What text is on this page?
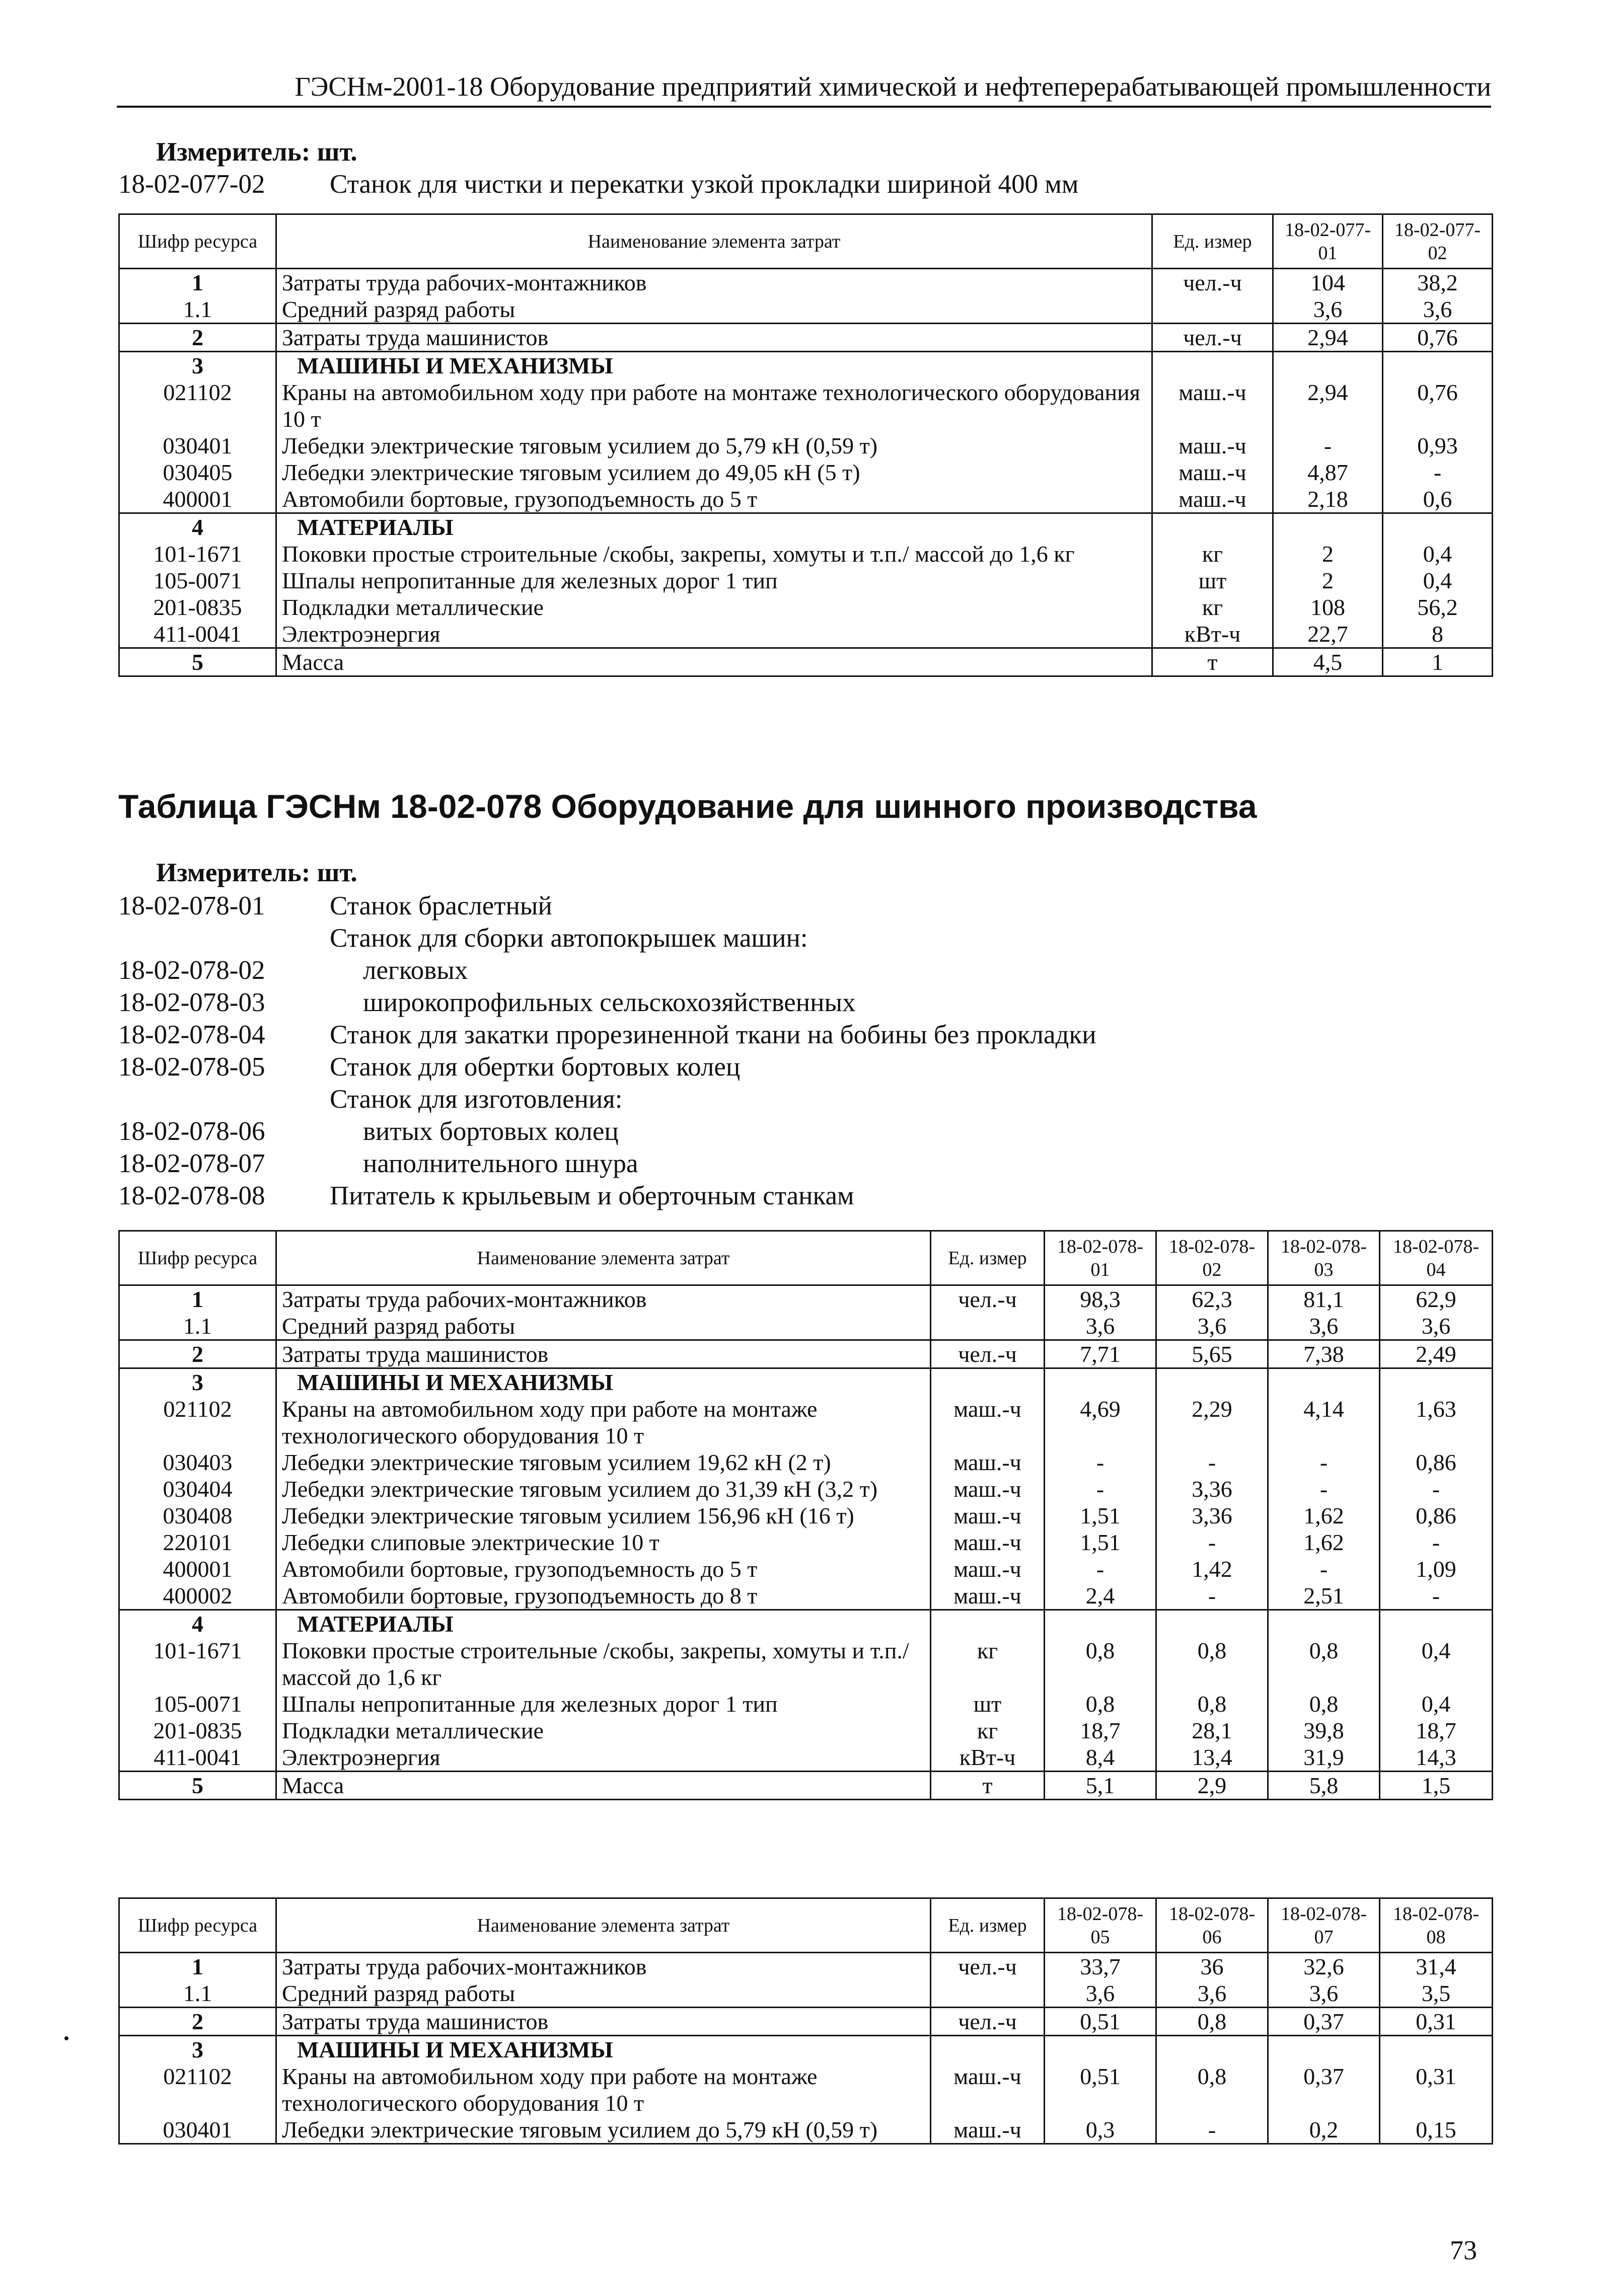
ГЭСНм-2001-18 Оборудование предприятий химической и нефтеперерабатывающей промышленности
Измеритель: шт.
18-02-077-02	Станок для чистки и перекатки узкой прокладки шириной 400 мм
Шифр ресурса	Наименование элемента затрат	Ед. измер	18-02-077-01	18-02-077-02
1	Затраты труда рабочих-монтажников	чел.-ч	104	38,2
1.1	Средний разряд работы		3,6	3,6
2	Затраты труда машинистов	чел.-ч	2,94	0,76
3	МАШИНЫ И МЕХАНИЗМЫ			
021102	Краны на автомобильном ходу при работе на монтаже технологического оборудования 10 т	маш.-ч	2,94	0,76
030401	Лебедки электрические тяговым усилием до 5,79 кН (0,59 т)	маш.-ч	-	0,93
030405	Лебедки электрические тяговым усилием до 49,05 кН (5 т)	маш.-ч	4,87	-
400001	Автомобили бортовые, грузоподъемность до 5 т	маш.-ч	2,18	0,6
4	МАТЕРИАЛЫ			
101-1671	Поковки простые строительные /скобы, закрепы, хомуты и т.п./ массой до 1,6 кг	кг	2	0,4
105-0071	Шпалы непропитанные для железных дорог 1 тип	шт	2	0,4
201-0835	Подкладки металлические	кг	108	56,2
411-0041	Электроэнергия	кВт-ч	22,7	8
5	Масса	т	4,5	1
Таблица ГЭСНм 18-02-078 Оборудование для шинного производства
Измеритель: шт.
18-02-078-01	Станок браслетный
Станок для сборки автопокрышек машин:
18-02-078-02	легковых
18-02-078-03	широкопрофильных сельскохозяйственных
18-02-078-04	Станок для закатки прорезиненной ткани на бобины без прокладки
18-02-078-05	Станок для обертки бортовых колец
Станок для изготовления:
18-02-078-06	витых бортовых колец
18-02-078-07	наполнительного шнура
18-02-078-08	Питатель к крыльевым и оберточным станкам
Шифр ресурса	Наименование элемента затрат	Ед. измер	18-02-078-01	18-02-078-02	18-02-078-03	18-02-078-04
1	Затраты труда рабочих-монтажников	чел.-ч	98,3	62,3	81,1	62,9
1.1	Средний разряд работы		3,6	3,6	3,6	3,6
2	Затраты труда машинистов	чел.-ч	7,71	5,65	7,38	2,49
3	МАШИНЫ И МЕХАНИЗМЫ					
021102	Краны на автомобильном ходу при работе на монтаже технологического оборудования 10 т	маш.-ч	4,69	2,29	4,14	1,63
030403	Лебедки электрические тяговым усилием 19,62 кН (2 т)	маш.-ч	-	-	-	0,86
030404	Лебедки электрические тяговым усилием до 31,39 кН (3,2 т)	маш.-ч	-	3,36	-	-
030408	Лебедки электрические тяговым усилием 156,96 кН (16 т)	маш.-ч	1,51	3,36	1,62	0,86
220101	Лебедки слиповые электрические 10 т	маш.-ч	1,51	-	1,62	-
400001	Автомобили бортовые, грузоподъемность до 5 т	маш.-ч	-	1,42	-	1,09
400002	Автомобили бортовые, грузоподъемность до 8 т	маш.-ч	2,4	-	2,51	-
4	МАТЕРИАЛЫ					
101-1671	Поковки простые строительные /скобы, закрепы, хомуты и т.п./ массой до 1,6 кг	кг	0,8	0,8	0,8	0,4
105-0071	Шпалы непропитанные для железных дорог 1 тип	шт	0,8	0,8	0,8	0,4
201-0835	Подкладки металлические	кг	18,7	28,1	39,8	18,7
411-0041	Электроэнергия	кВт-ч	8,4	13,4	31,9	14,3
5	Масса	т	5,1	2,9	5,8	1,5
Шифр ресурса	Наименование элемента затрат	Ед. измер	18-02-078-05	18-02-078-06	18-02-078-07	18-02-078-08
1	Затраты труда рабочих-монтажников	чел.-ч	33,7	36	32,6	31,4
1.1	Средний разряд работы		3,6	3,6	3,6	3,5
2	Затраты труда машинистов	чел.-ч	0,51	0,8	0,37	0,31
3	МАШИНЫ И МЕХАНИЗМЫ					
021102	Краны на автомобильном ходу при работе на монтаже технологического оборудования 10 т	маш.-ч	0,51	0,8	0,37	0,31
030401	Лебедки электрические тяговым усилием до 5,79 кН (0,59 т)	маш.-ч	0,3	-	0,2	0,15
73
